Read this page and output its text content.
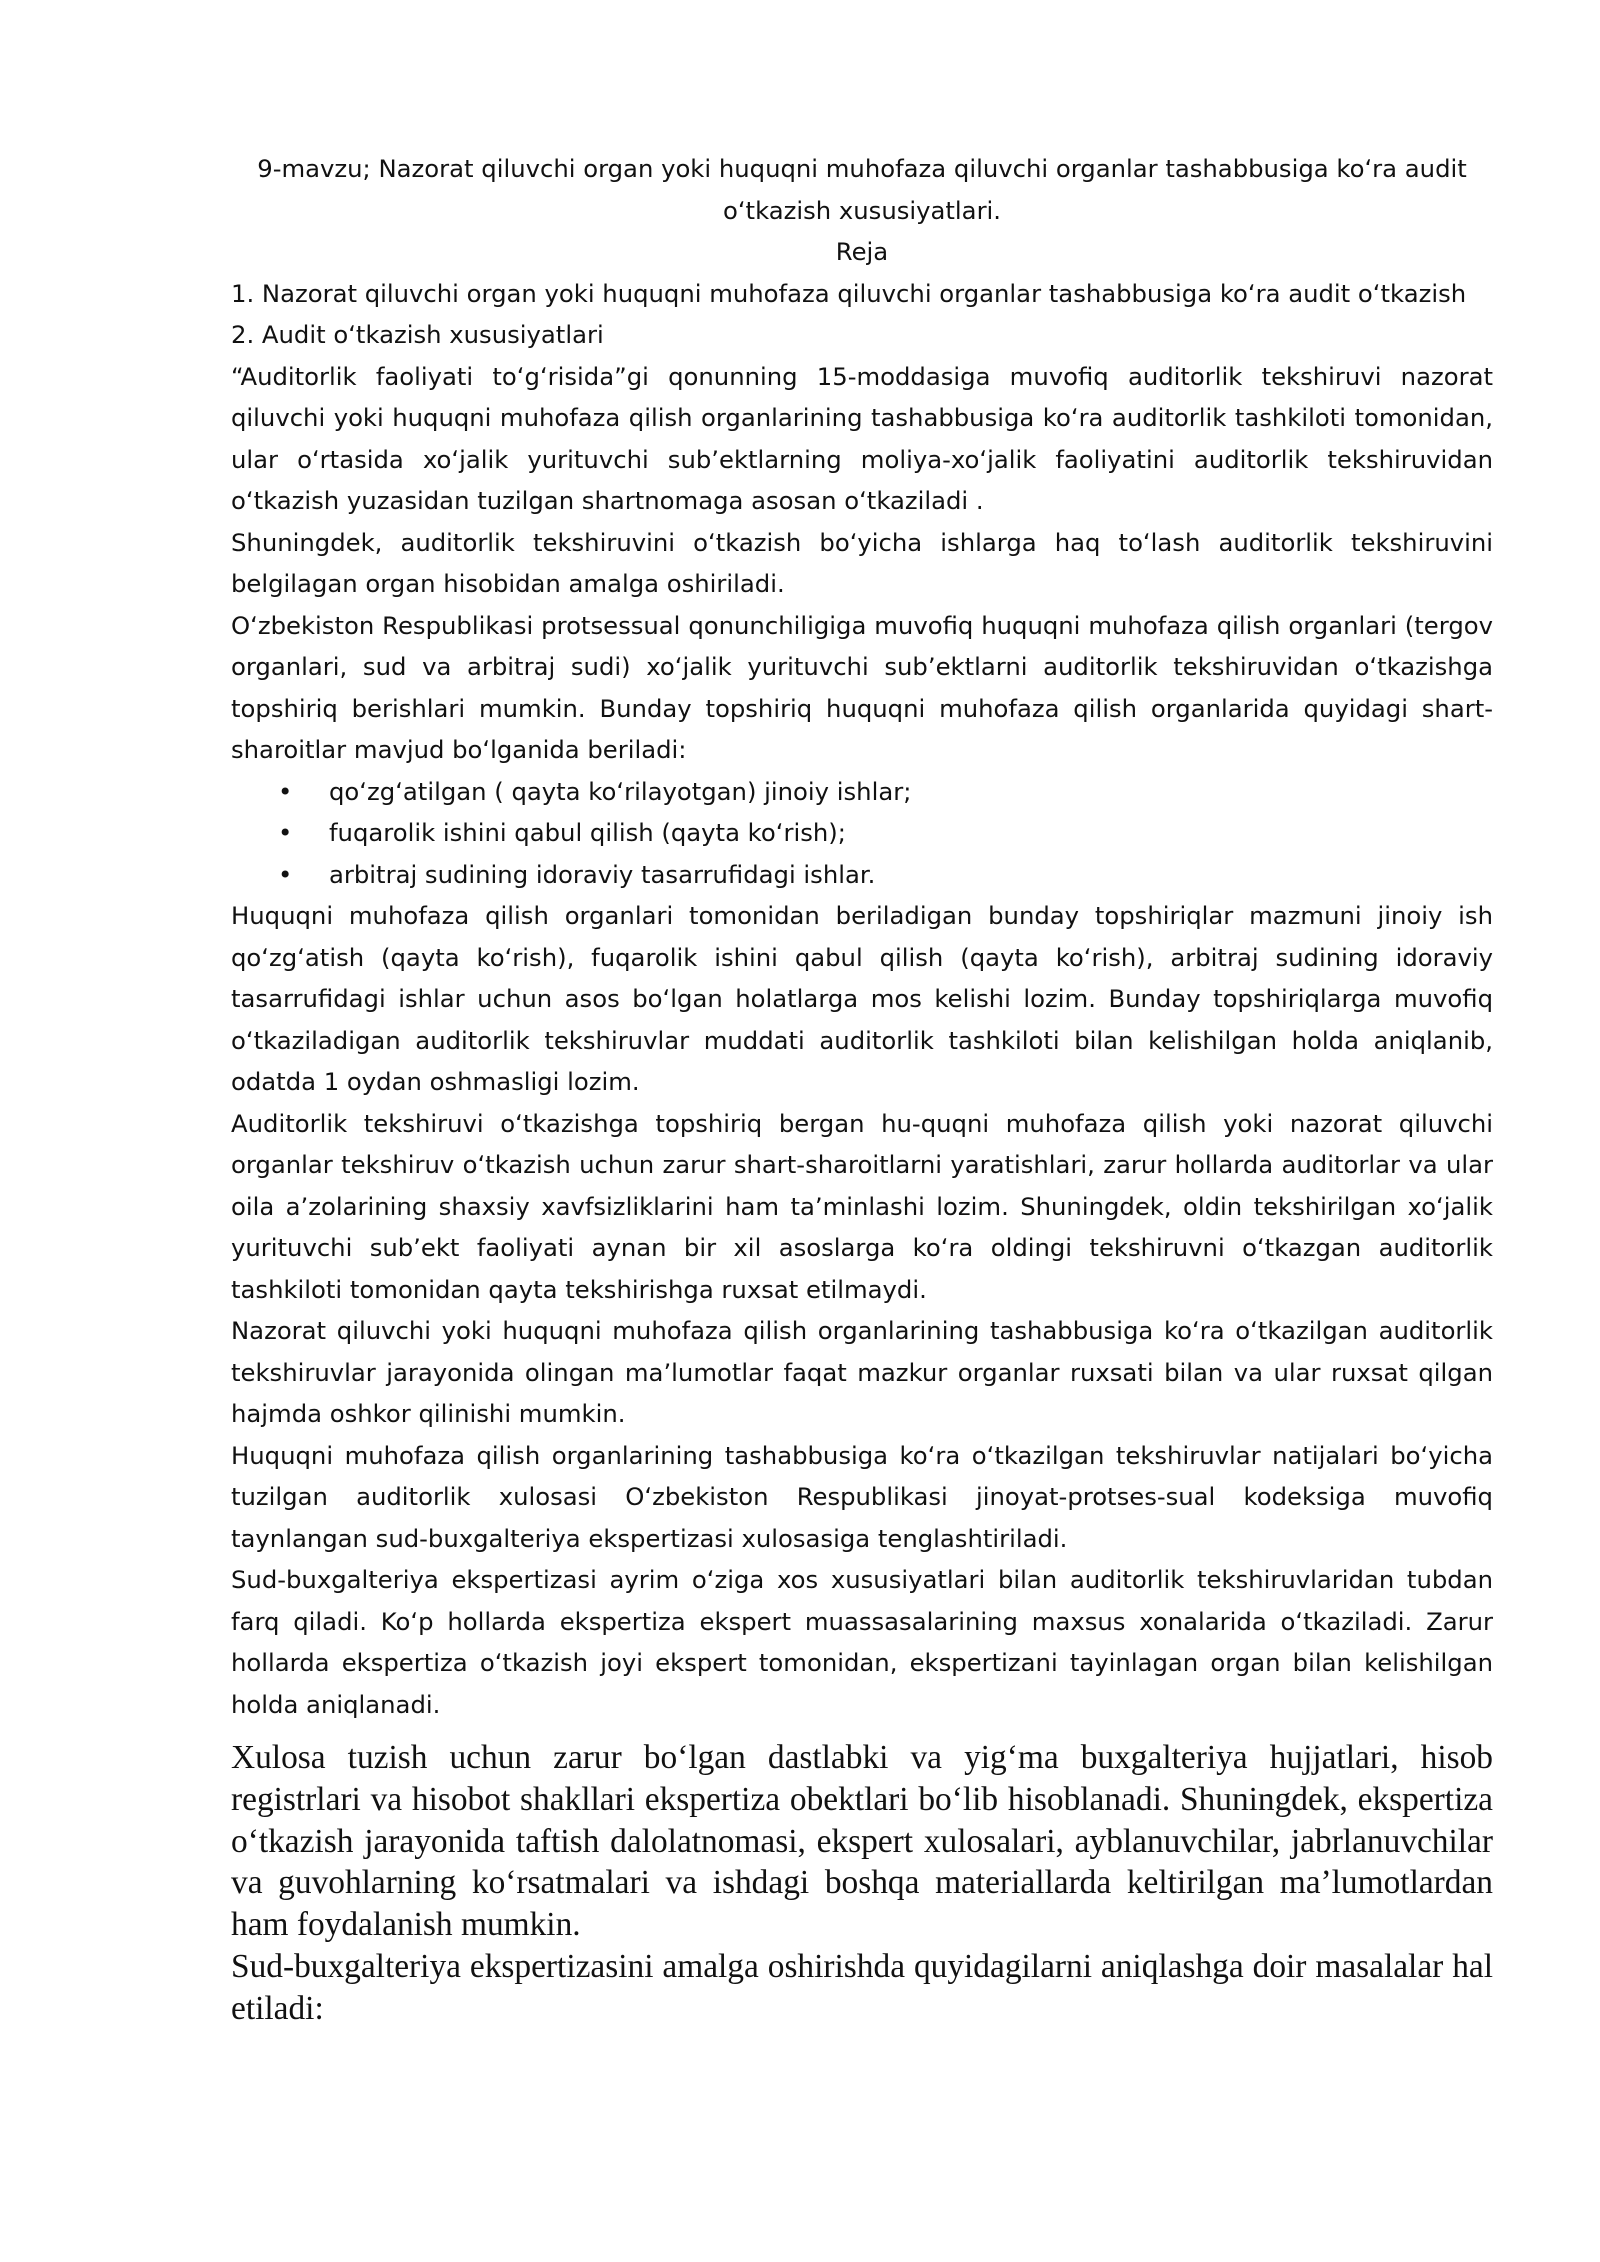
9-mavzu; Nazorat qiluvchi organ yoki huquqni muhofaza qiluvchi organlar tashabbusiga koʻra audit
oʻtkazish xususiyatlari.

Reja

1. Nazorat qiluvchi organ yoki huquqni muhofaza qiluvchi organlar tashabbusiga koʻra audit oʻtkazish

2. Audit oʻtkazish xususiyatlari

“Auditorlik faoliyati toʻgʻrisida”gi qonunning 15-moddasiga muvofiq auditorlik tekshiruvi nazorat qiluvchi yoki huquqni muhofaza qilish organlarining tashabbusiga koʻra auditorlik tashkiloti tomonidan, ular oʻrtasida xoʻjalik yurituvchi subʼektlarning moliya-xoʻjalik faoliyatini auditorlik tekshiruvidan oʻtkazish yuzasidan tuzilgan shartnomaga asosan oʻtkaziladi .

Shuningdek, auditorlik tekshiruvini oʻtkazish boʻyicha ishlarga haq toʻlash auditorlik tekshiruvini belgilagan organ hisobidan amalga oshiriladi.

Oʻzbekiston Respublikasi protsessual qonunchiligiga muvofiq huquqni muhofaza qilish organlari (tergov organlari, sud va arbitraj sudi) xoʻjalik yurituvchi subʼektlarni auditorlik tekshiruvidan oʻtkazishga topshiriq berishlari mumkin. Bunday topshiriq huquqni muhofaza qilish organlarida quyidagi shart-sharoitlar mavjud boʻlganida beriladi:

• qoʻzgʻatilgan ( qayta koʻrilayotgan) jinoiy ishlar;
• fuqarolik ishini qabul qilish (qayta koʻrish);
• arbitraj sudining idoraviy tasarrufidagi ishlar.

Huquqni muhofaza qilish organlari tomonidan beriladigan bunday topshiriqlar mazmuni jinoiy ish qoʻzgʻatish (qayta koʻrish), fuqarolik ishini qabul qilish (qayta koʻrish), arbitraj sudining idoraviy tasarrufidagi ishlar uchun asos boʻlgan holatlarga mos kelishi lozim. Bunday topshiriqlarga muvofiq oʻtkaziladigan auditorlik tekshiruvlar muddati auditorlik tashkiloti bilan kelishilgan holda aniqlanib, odatda 1 oydan oshmasligi lozim.

Auditorlik tekshiruvi oʻtkazishga topshiriq bergan hu-quqni muhofaza qilish yoki nazorat qiluvchi organlar tekshiruv oʻtkazish uchun zarur shart-sharoitlarni yaratishlari, zarur hollarda auditorlar va ular oila aʼzolarining shaxsiy xavfsizliklarini ham taʼminlashi lozim. Shuningdek, oldin tekshirilgan xoʻjalik yurituvchi subʼekt faoliyati aynan bir xil asoslarga koʻra oldingi tekshiruvni oʻtkazgan auditorlik tashkiloti tomonidan qayta tekshirishga ruxsat etilmaydi.

Nazorat qiluvchi yoki huquqni muhofaza qilish organlarining tashabbusiga koʻra oʻtkazilgan auditorlik tekshiruvlar jarayonida olingan maʼlumotlar faqat mazkur organlar ruxsati bilan va ular ruxsat qilgan hajmda oshkor qilinishi mumkin.

Huquqni muhofaza qilish organlarining tashabbusiga koʻra oʻtkazilgan tekshiruvlar natijalari boʻyicha tuzilgan auditorlik xulosasi Oʻzbekiston Respublikasi jinoyat-protses-sual kodeksiga muvofiq taynlangan sud-buxgalteriya ekspertizasi xulosasiga tenglashtiriladi.

Sud-buxgalteriya ekspertizasi ayrim oʻziga xos xususiyatlari bilan auditorlik tekshiruvlaridan tubdan farq qiladi. Koʻp hollarda ekspertiza ekspert muassasalarining maxsus xonalarida oʻtkaziladi. Zarur hollarda ekspertiza oʻtkazish joyi ekspert tomonidan, ekspertizani tayinlagan organ bilan kelishilgan holda aniqlanadi.

Xulosa tuzish uchun zarur boʻlgan dastlabki va yigʻma buxgalteriya hujjatlari, hisob registrlari va hisobot shakllari ekspertiza obektlari boʻlib hisoblanadi. Shuningdek, ekspertiza oʻtkazish jarayonida taftish dalolatnomasi, ekspert xulosalari, ayblanuvchilar, jabrlanuvchilar va guvohlarning koʻrsatmalari va ishdagi boshqa materiallarda keltirilgan maʼlumotlardan ham foydalanish mumkin.

Sud-buxgalteriya ekspertizasini amalga oshirishda quyidagilarni aniqlashga doir masalalar hal etiladi:
